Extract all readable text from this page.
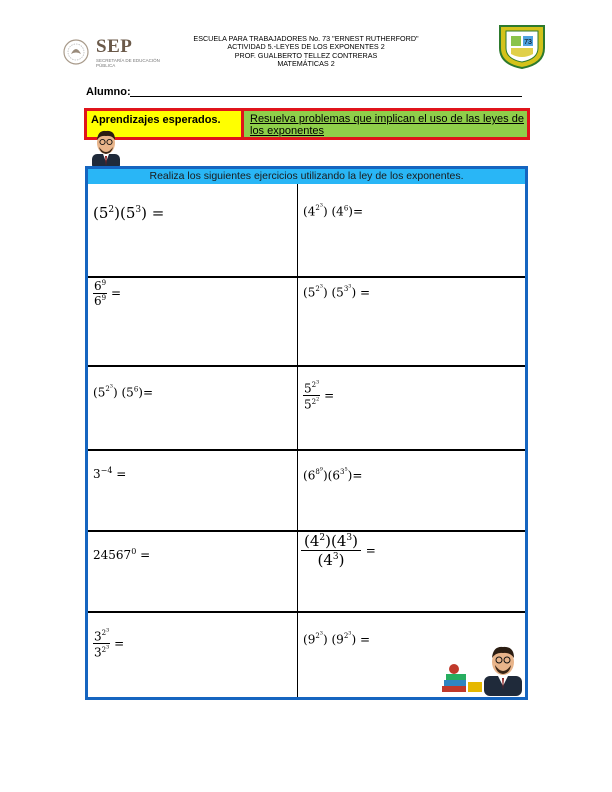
SEP
SECRETARÍA DE EDUCACIÓN PÚBLICA
ESCUELA PARA TRABAJADORES No. 73 "ERNEST RUTHERFORD"
ACTIVIDAD 5.-LEYES DE LOS EXPONENTES 2
PROF. GUALBERTO TELLEZ CONTRERAS
MATEMÁTICAS 2
73
Alumno:
Aprendizajes esperados.	Resuelva problemas que implican el uso de las leyes de los exponentes
Realiza los siguientes ejercicios utilizando la ley de los exponentes.
$(5^2)(5^3)$ =	$(4^{2^3})$ $(4^6)=$
$\frac{6^9}{6^9}$ =	$(5^{2^3}) (5^{3^3})$ =
$(5^{2^3})$ $(5^6)=$	$\frac{5^{2^3}}{5^{2^2}}$ =
$3^{-4}$ =	$(6^{8^9})(6^{3^5})=$
$24567^0$ =	$\frac{(4^2)(4^3)}{(4^3)}$ =
$\frac{3^{2^3}}{3^{2^3}}$ =	$(9^{2^3}) (9^{2^3})$ =
